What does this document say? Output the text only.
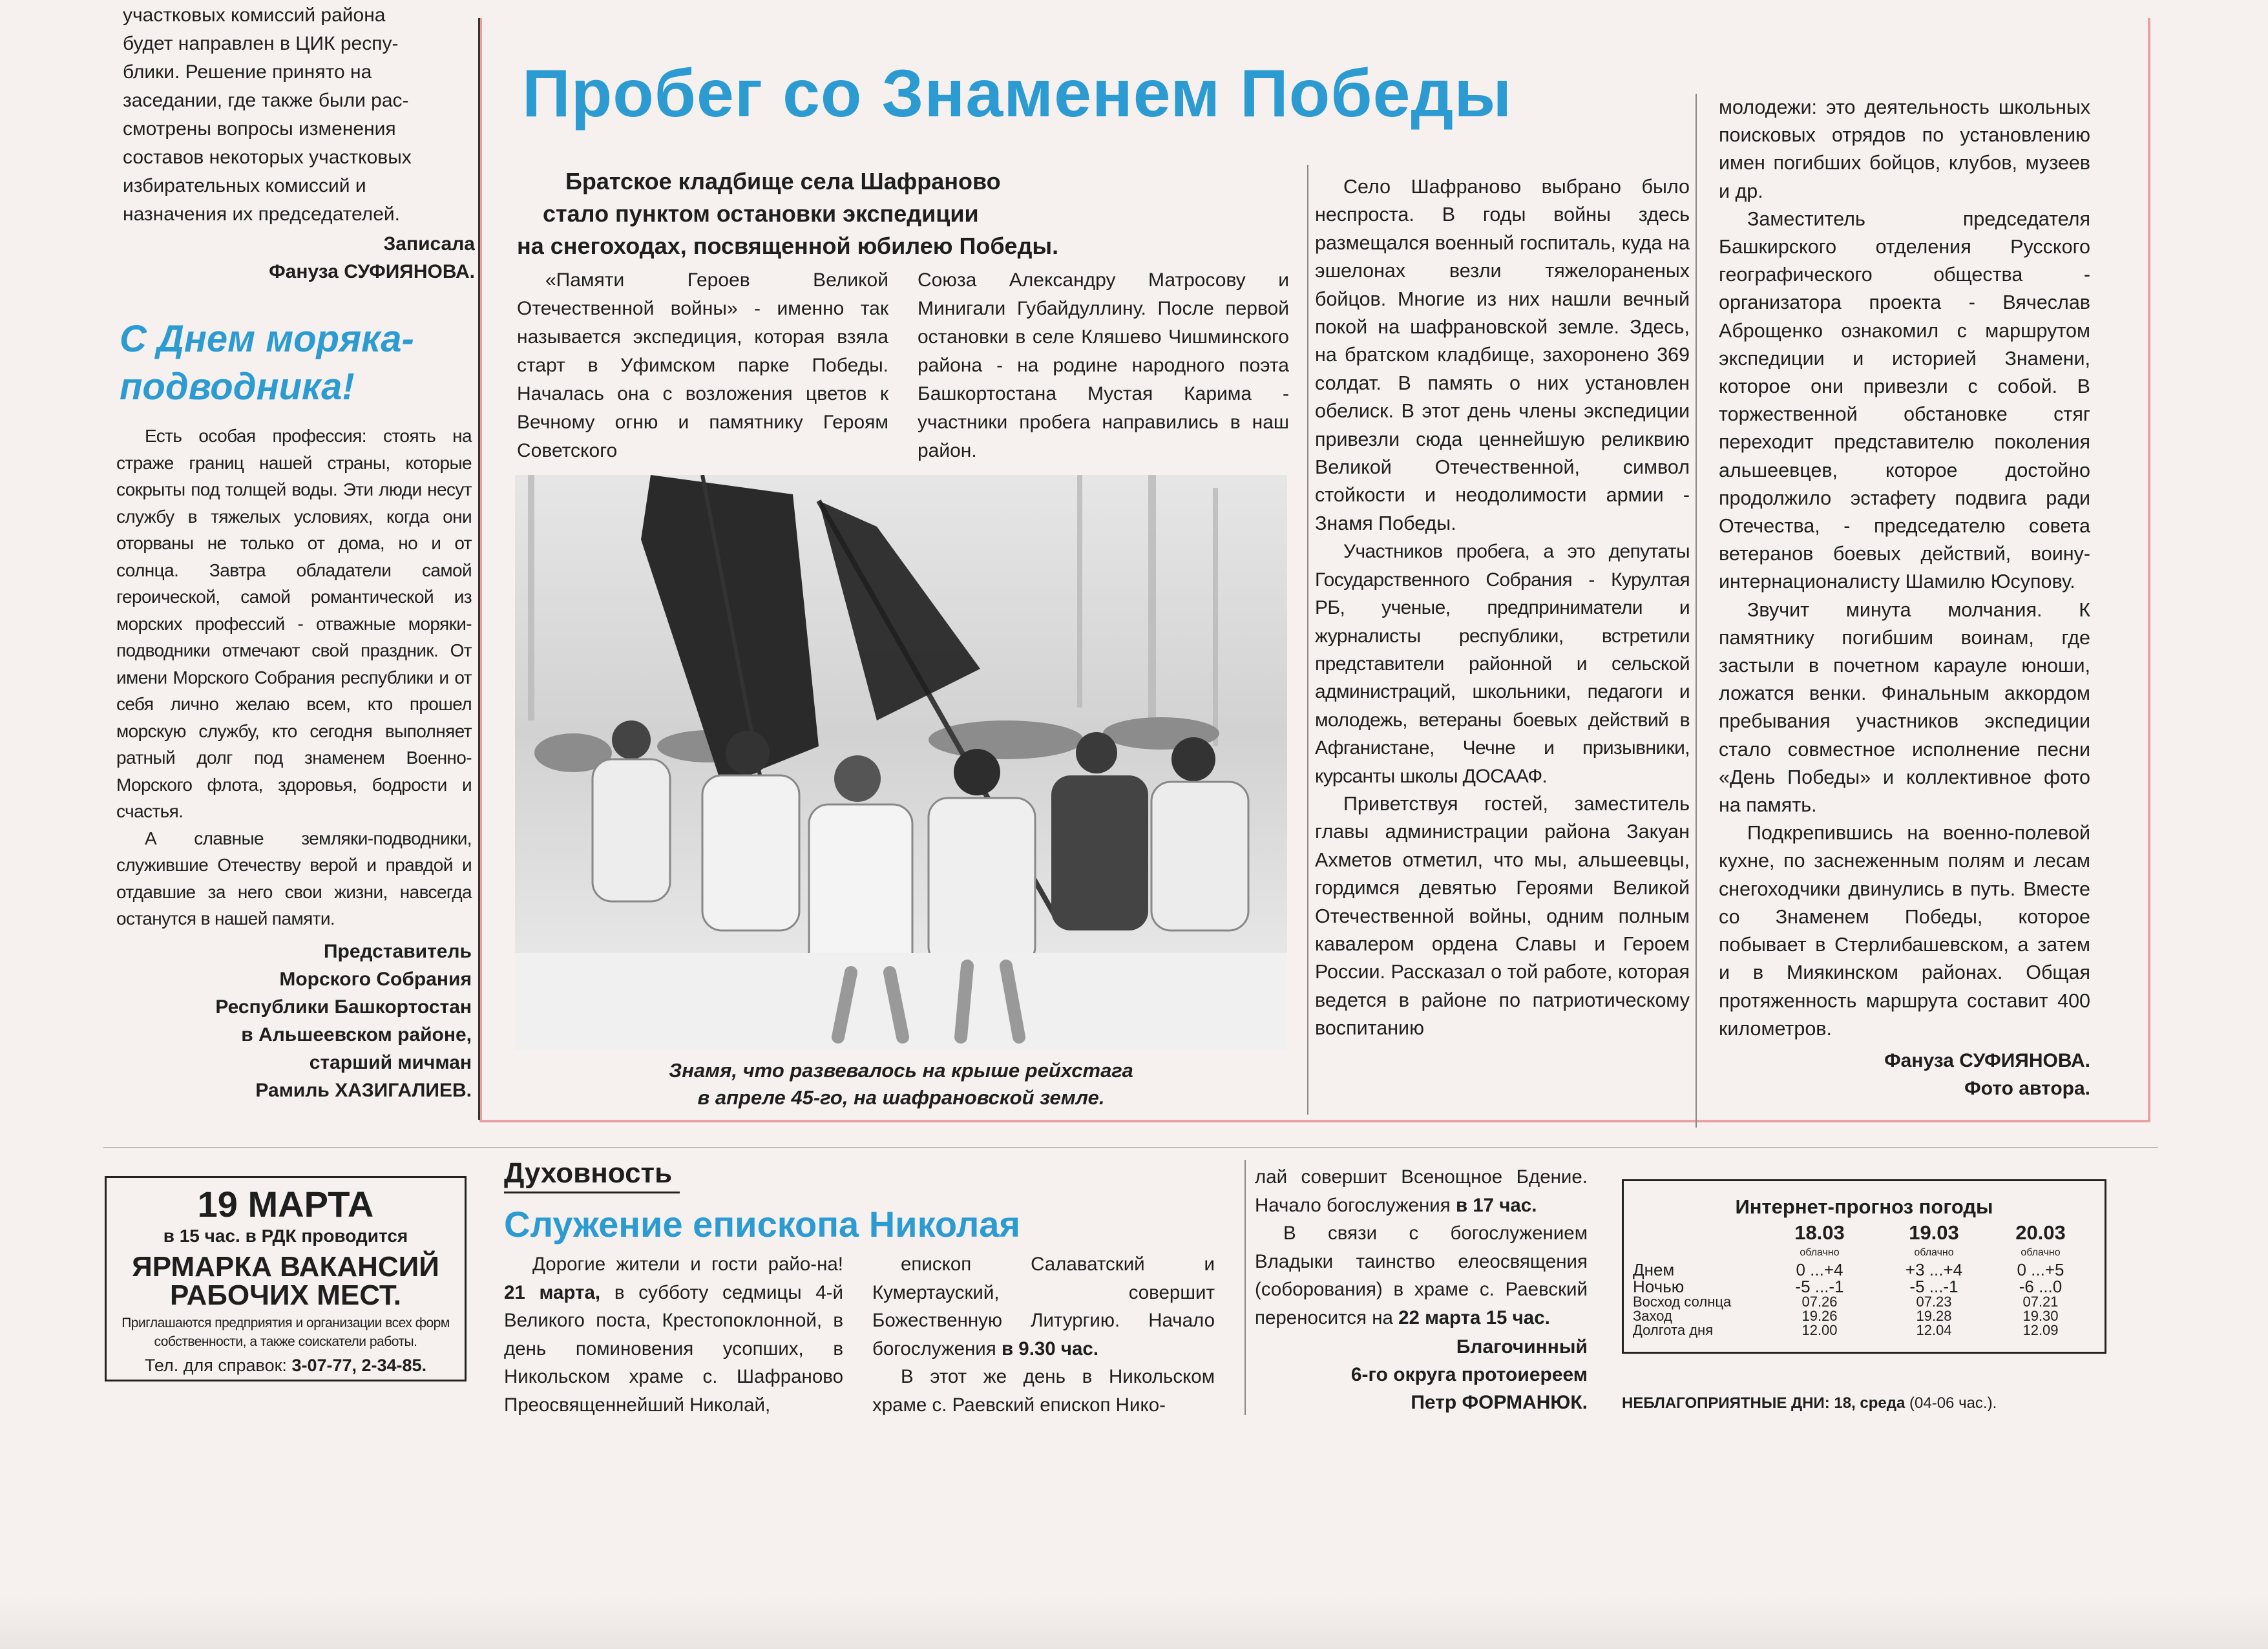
участковых комиссий района
будет направлен в ЦИК респу-
блики. Решение принято на
заседании, где также были рас-
смотрены вопросы изменения
составов некоторых участковых
избирательных комиссий и
назначения их председателей.
Записала
Фануза СУФИЯНОВА.
С Днем моряка-
подводника!

Есть особая профессия: стоять на страже границ нашей страны, которые сокрыты под толщей воды. Эти люди несут службу в тяжелых условиях, когда они оторваны не только от дома, но и от солнца. Завтра обладатели самой героической, самой романтической из морских профессий - отважные моряки-подводники отмечают свой праздник. От имени Морского Собрания республики и от себя лично желаю всем, кто прошел морскую службу, кто сегодня выполняет ратный долг под знаменем Военно-Морского флота, здоровья, бодрости и счастья.

А славные земляки-подводники, служившие Отечеству верой и правдой и отдавшие за него свои жизни, навсегда останутся в нашей памяти.

Представитель
Морского Собрания
Республики Башкортостан
в Альшеевском районе,
старший мичман
Рамиль ХАЗИГАЛИЕВ.
Пробег со Знаменем Победы
Братское кладбище села Шафраново
стало пунктом остановки экспедиции
на снегоходах, посвященной юбилею Победы.

«Памяти Героев Великой Отечественной войны» - именно так называется экспедиция, которая взяла старт в Уфимском парке Победы. Началась она с возложения цветов к Вечному огню и памятнику Героям Советского

Союза Александру Матросову и Минигали Губайдуллину. После первой остановки в селе Кляшево Чишминского района - на родине народного поэта Башкортостана Мустая Карима - участники пробега направились в наш район.
Знамя, что развевалось на крыше рейхстага
в апреле 45-го, на шафрановской земле.

Село Шафраново выбрано было неспроста. В годы войны здесь размещался военный госпиталь, куда на эшелонах везли тяжелораненых бойцов. Многие из них нашли вечный покой на шафрановской земле. Здесь, на братском кладбище, захоронено 369 солдат. В память о них установлен обелиск. В этот день члены экспедиции привезли сюда ценнейшую реликвию Великой Отечественной, символ стойкости и неодолимости армии - Знамя Победы.

Участников пробега, а это депутаты Государственного Собрания - Курултая РБ, ученые, предприниматели и журналисты республики, встретили представители районной и сельской администраций, школьники, педагоги и молодежь, ветераны боевых действий в Афганистане, Чечне и призывники, курсанты школы ДОСААФ.

Приветствуя гостей, заместитель главы администрации района Закуан Ахметов отметил, что мы, альшеевцы, гордимся девятью Героями Великой Отечественной войны, одним полным кавалером ордена Славы и Героем России. Рассказал о той работе, которая ведется в районе по патриотическому воспитанию

молодежи: это деятельность школьных поисковых отрядов по установлению имен погибших бойцов, клубов, музеев и др.

Заместитель председателя Башкирского отделения Русского географического общества - организатора проекта - Вячеслав Аброщенко ознакомил с маршрутом экспедиции и историей Знамени, которое они привезли с собой. В торжественной обстановке стяг переходит представителю поколения альшеевцев, которое достойно продолжило эстафету подвига ради Отечества, - председателю совета ветеранов боевых действий, воину-интернационалисту Шамилю Юсупову.

Звучит минута молчания. К памятнику погибшим воинам, где застыли в почетном карауле юноши, ложатся венки. Финальным аккордом пребывания участников экспедиции стало совместное исполнение песни «День Победы» и коллективное фото на память.

Подкрепившись на военно-полевой кухне, по заснеженным полям и лесам снегоходчики двинулись в путь. Вместе со Знаменем Победы, которое побывает в Стерлибашевском, а затем и в Миякинском районах. Общая протяженность маршрута составит 400 километров.

Фануза СУФИЯНОВА.
Фото автора.
19 МАРТА
в 15 час. в РДК проводится
ЯРМАРКА ВАКАНСИЙ
РАБОЧИХ МЕСТ.
Приглашаются предприятия и организации всех форм собственности, а также соискатели работы.
Тел. для справок: 3-07-77, 2-34-85.
Духовность
Служение епископа Николая

Дорогие жители и гости райо-на! 21 марта, в субботу седмицы 4-й Великого поста, Крестопоклонной, в день поминовения усопших, в Никольском храме с. Шафраново Преосвященнейший Николай,

епископ Салаватский и Кумертауский, совершит Божественную Литургию. Начало богослужения в 9.30 час.

В этот же день в Никольском храме с. Раевский епископ Нико-

лай совершит Всенощное Бдение. Начало богослужения в 17 час.

В связи с богослужением Владыки таинство елеосвящения (соборования) в храме с. Раевский переносится на 22 марта 15 час.

Благочинный
6-го округа протоиереем
Петр ФОРМАНЮК.
Интернет-прогноз погоды
18.03	19.03	20.03
облачно	облачно	облачно
Днем	0 ...+4	+3 ...+4	0 ...+5
Ночью	-5 ...-1	-5 ...-1	-6 ...0
Восход солнца	07.26	07.23	07.21
Заход	19.26	19.28	19.30
Долгота дня	12.00	12.04	12.09
НЕБЛАГОПРИЯТНЫЕ ДНИ: 18, среда (04-06 час.).
